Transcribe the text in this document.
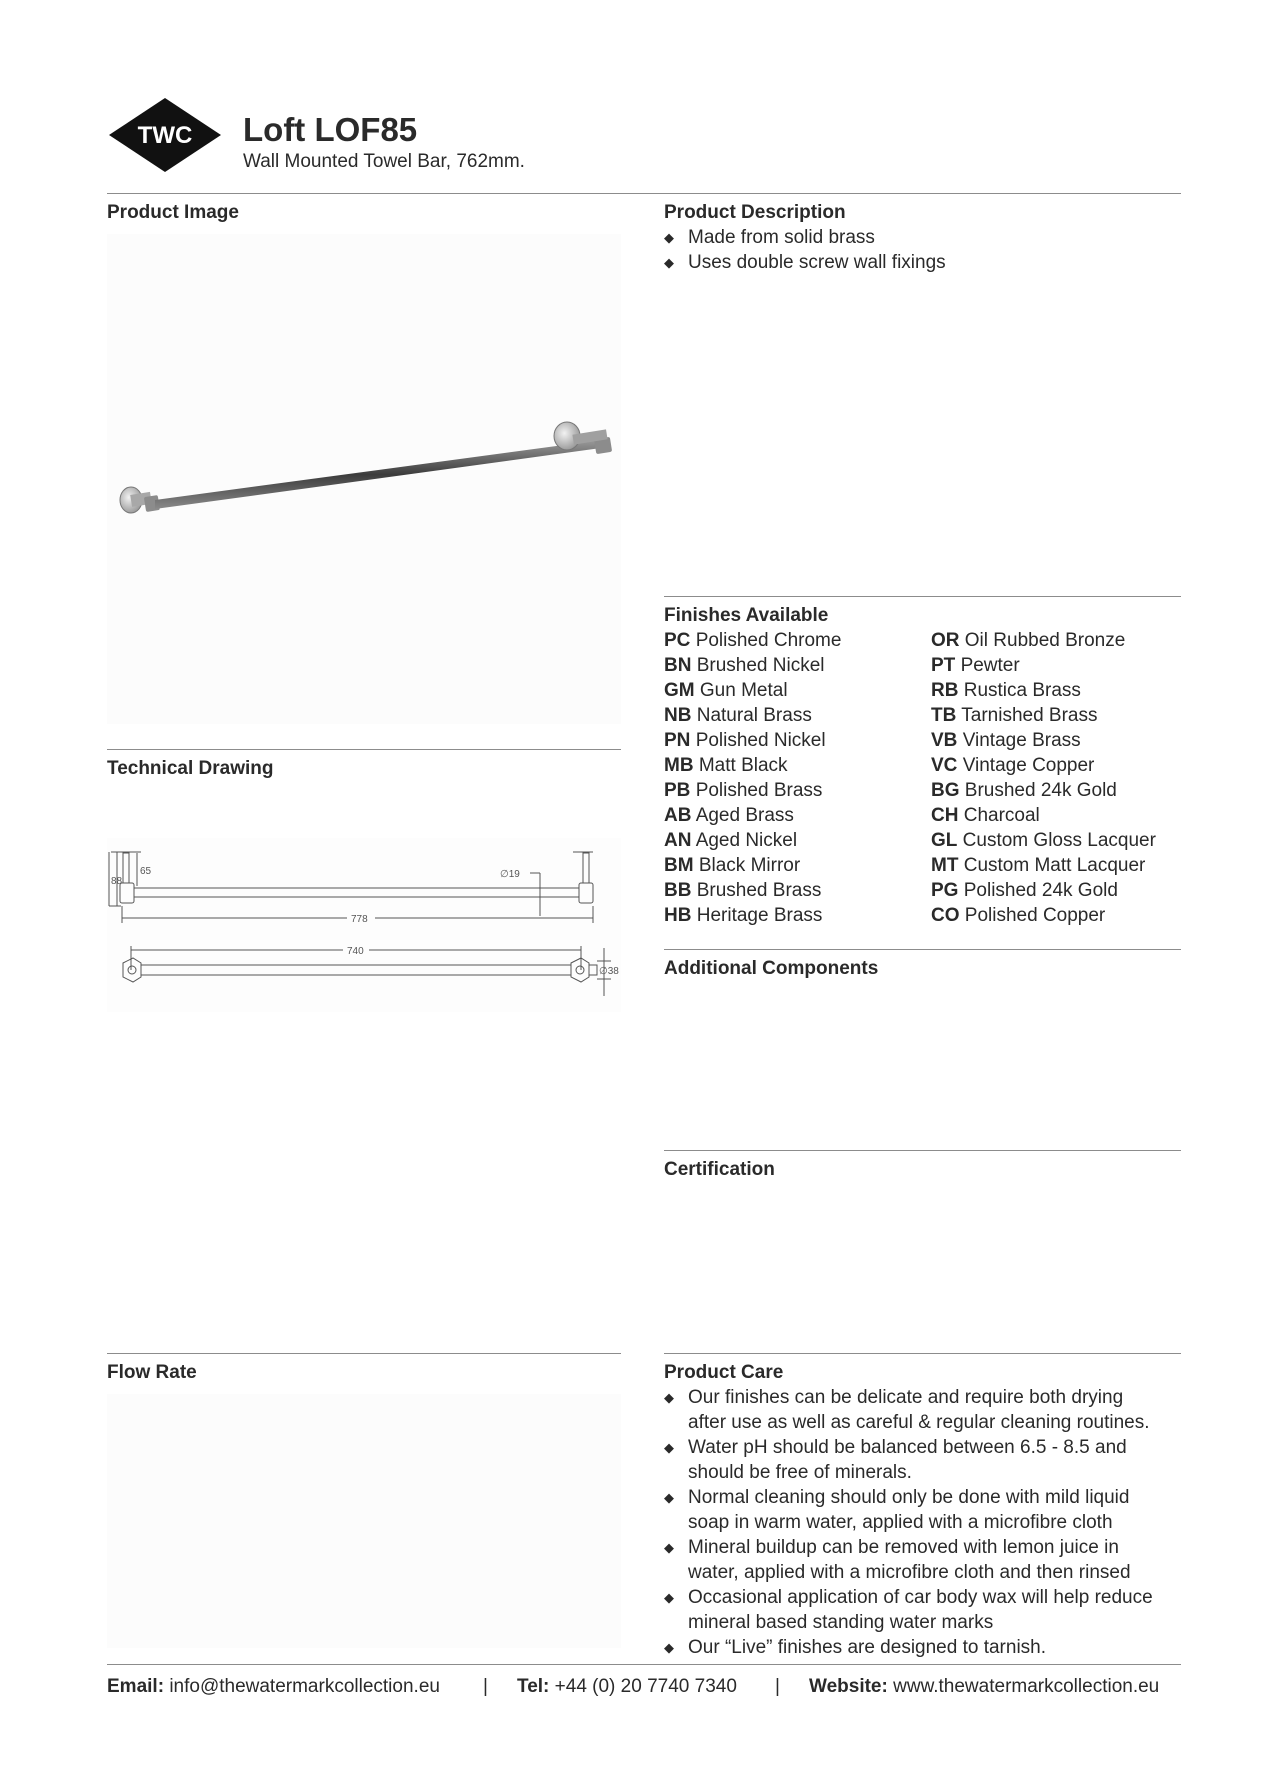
TWC Loft LOF85
Wall Mounted Towel Bar, 762mm.
Product Image
Technical Drawing
88
65	∅19
778
740
∅38
Flow Rate
Product Description
◆ Made from solid brass
◆ Uses double screw wall fixings
Finishes Available
PC Polished Chrome
BN Brushed Nickel
GM Gun Metal
NB Natural Brass
PN Polished Nickel
MB Matt Black
PB Polished Brass
AB Aged Brass
AN Aged Nickel
BM Black Mirror
BB Brushed Brass
HB Heritage Brass
OR Oil Rubbed Bronze
PT Pewter
RB Rustica Brass
TB Tarnished Brass
VB Vintage Brass
VC Vintage Copper
BG Brushed 24k Gold
CH Charcoal
GL Custom Gloss Lacquer
MT Custom Matt Lacquer
PG Polished 24k Gold
CO Polished Copper
Additional Components
Certification
Product Care
◆ Our finishes can be delicate and require both drying
after use as well as careful & regular cleaning routines.
◆ Water pH should be balanced between 6.5 - 8.5 and
should be free of minerals.
◆ Normal cleaning should only be done with mild liquid
soap in warm water, applied with a microfibre cloth
◆ Mineral buildup can be removed with lemon juice in
water, applied with a microfibre cloth and then rinsed
◆ Occasional application of car body wax will help reduce
mineral based standing water marks
◆ Our “Live” finishes are designed to tarnish.
Email: info@thewatermarkcollection.eu | Tel: +44 (0) 20 7740 7340 | Website: www.thewatermarkcollection.eu
